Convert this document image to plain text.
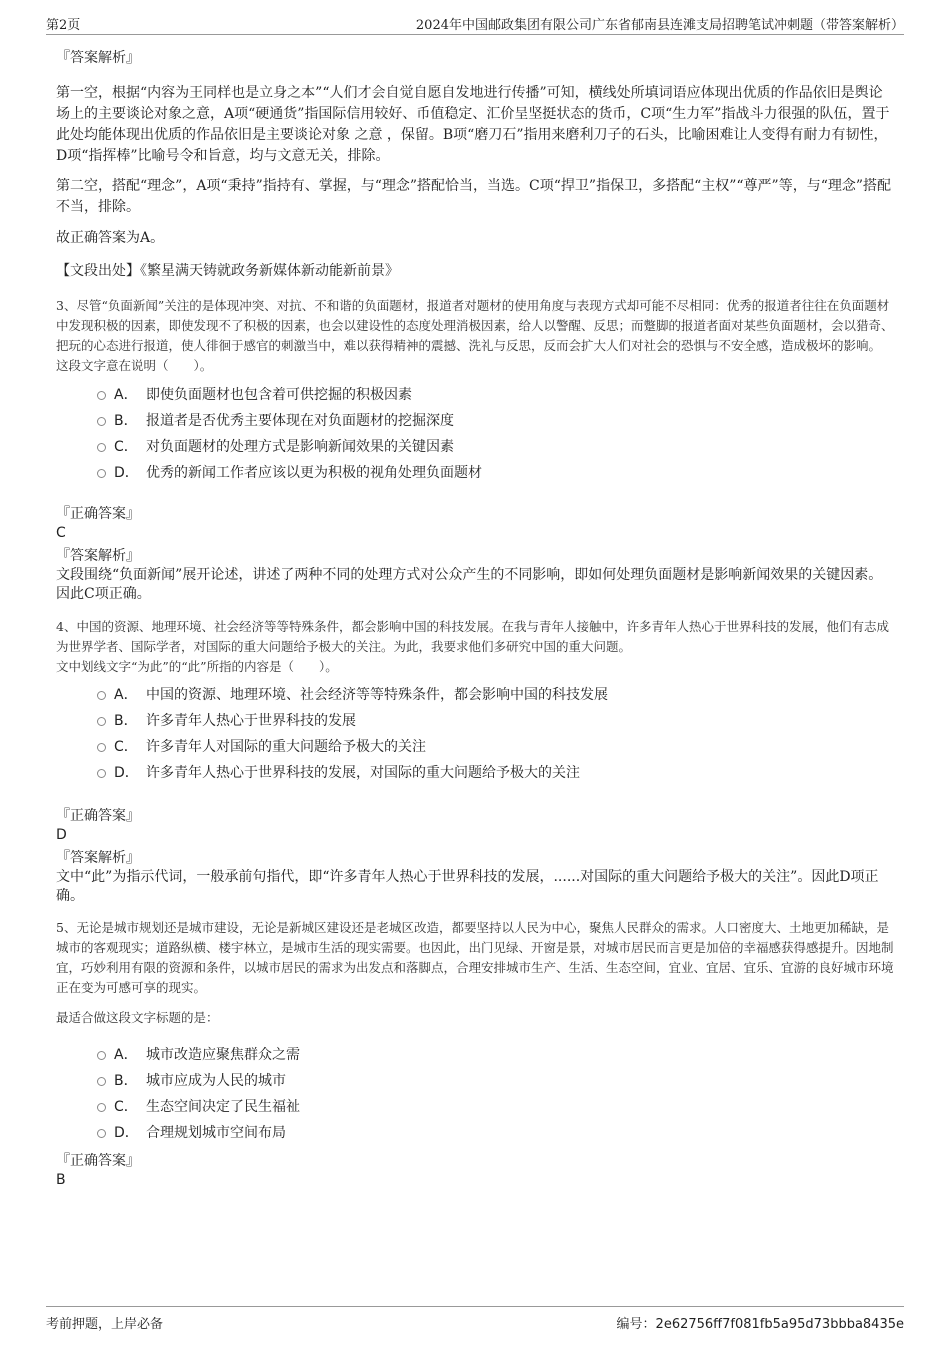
第2页	2024年中国邮政集团有限公司广东省郁南县连滩支局招聘笔试冲刺题（带答案解析）
『答案解析』

第一空，根据“内容为王同样也是立身之本”“人们才会自觉自愿自发地进行传播”可知，横线处所填词语应体现出优质的作品依旧是舆论场上的主要谈论对象之意，A项“硬通货”指国际信用较好、币值稳定、汇价呈坚挺状态的货币，C项“生力军”指战斗力很强的队伍，置于此处均能体现出优质的作品依旧是主要谈论对象 之意 ，保留。B项“磨刀石”指用来磨利刀子的石头，比喻困难让人变得有耐力有韧性，D项“指挥棒”比喻号令和旨意，均与文意无关，排除。

第二空，搭配“理念”，A项“秉持”指持有、掌握，与“理念”搭配恰当，当选。C项“捍卫”指保卫，多搭配“主权”“尊严”等，与“理念”搭配不当，排除。

故正确答案为A。

【文段出处】《繁星满天铸就政务新媒体新动能新前景》

3、尽管“负面新闻”关注的是体现冲突、对抗、不和谐的负面题材，报道者对题材的使用角度与表现方式却可能不尽相同：优秀的报道者往往在负面题材中发现积极的因素，即使发现不了积极的因素，也会以建设性的态度处理消极因素，给人以警醒、反思；而蹩脚的报道者面对某些负面题材，会以猎奇、把玩的心态进行报道，使人徘徊于感官的刺激当中，难以获得精神的震撼、洗礼与反思，反而会扩大人们对社会的恐惧与不安全感，造成极坏的影响。

这段文字意在说明（　　）。

A． 即使负面题材也包含着可供挖掘的积极因素
B． 报道者是否优秀主要体现在对负面题材的挖掘深度
C． 对负面题材的处理方式是影响新闻效果的关键因素
D． 优秀的新闻工作者应该以更为积极的视角处理负面题材
『正确答案』
C
『答案解析』

文段围绕“负面新闻”展开论述，讲述了两种不同的处理方式对公众产生的不同影响，即如何处理负面题材是影响新闻效果的关键因素。因此C项正确。

4、中国的资源、地理环境、社会经济等等特殊条件，都会影响中国的科技发展。在我与青年人接触中，许多青年人热心于世界科技的发展，他们有志成为世界学者、国际学者，对国际的重大问题给予极大的关注。为此，我要求他们多研究中国的重大问题。

文中划线文字“为此”的“此”所指的内容是（　　）。

A． 中国的资源、地理环境、社会经济等等特殊条件，都会影响中国的科技发展
B． 许多青年人热心于世界科技的发展
C． 许多青年人对国际的重大问题给予极大的关注
D． 许多青年人热心于世界科技的发展，对国际的重大问题给予极大的关注
『正确答案』
D
『答案解析』

文中“此”为指示代词，一般承前句指代，即“许多青年人热心于世界科技的发展，......对国际的重大问题给予极大的关注”。因此D项正确。

5、无论是城市规划还是城市建设，无论是新城区建设还是老城区改造，都要坚持以人民为中心，聚焦人民群众的需求。人口密度大、土地更加稀缺，是城市的客观现实；道路纵横、楼宇林立，是城市生活的现实需要。也因此，出门见绿、开窗是景，对城市居民而言更是加倍的幸福感获得感提升。因地制宜，巧妙利用有限的资源和条件，以城市居民的需求为出发点和落脚点，合理安排城市生产、生活、生态空间，宜业、宜居、宜乐、宜游的良好城市环境正在变为可感可享的现实。

最适合做这段文字标题的是：

A． 城市改造应聚焦群众之需
B． 城市应成为人民的城市
C． 生态空间决定了民生福祉
D． 合理规划城市空间布局
『正确答案』
B
考前押题，上岸必备	编号：2e62756ff7f081fb5a95d73bbba8435e
